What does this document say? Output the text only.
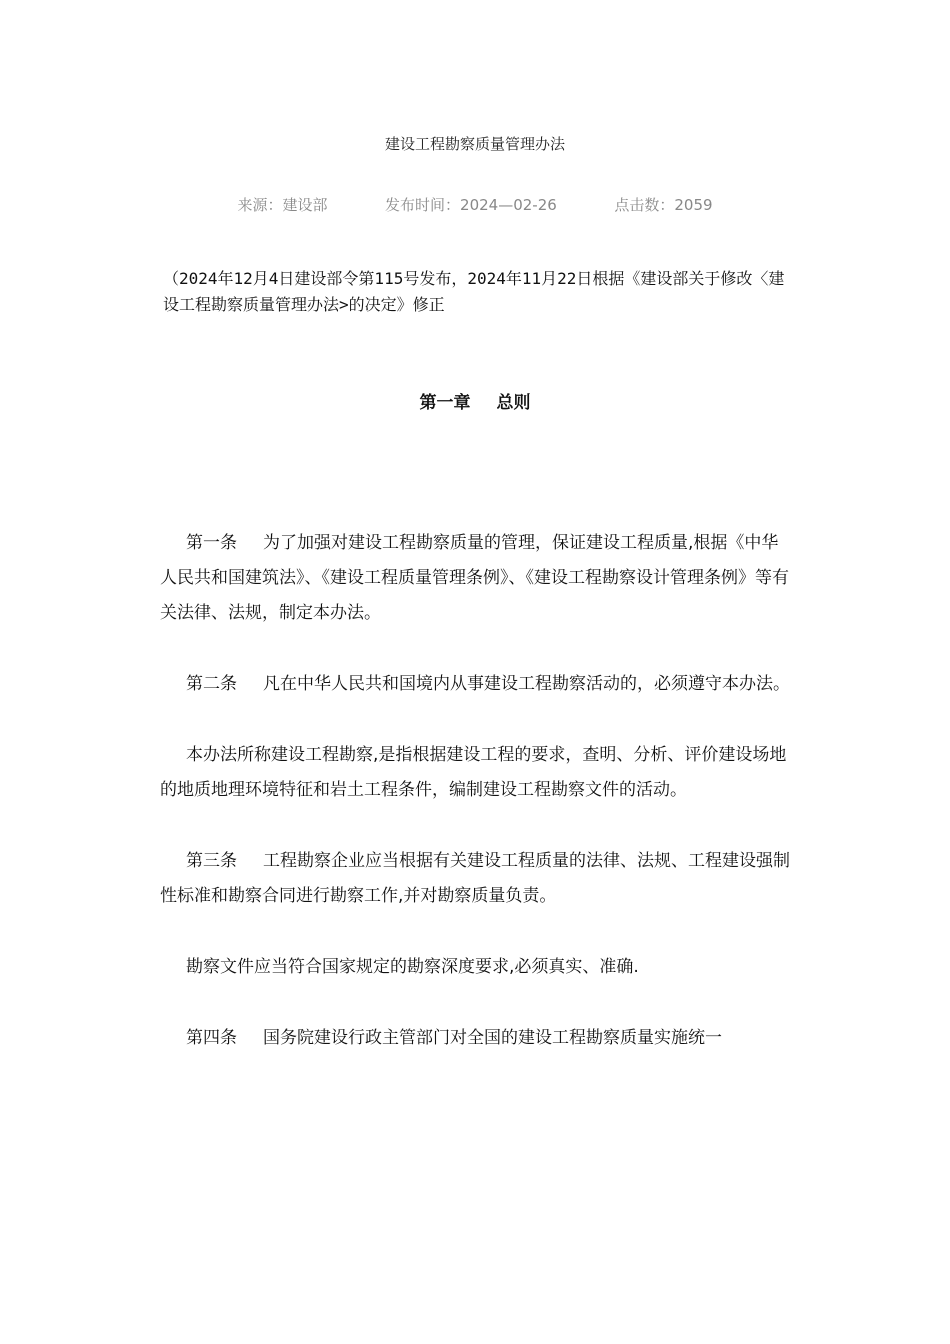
建设工程勘察质量管理办法
来源：建设部	发布时间：2024—02-26	点击数：2059
（2024年12月4日建设部令第115号发布，2024年11月22日根据《建设部关于修改〈建设工程勘察质量管理办法>的决定》修正
第一章 总则

第一条 为了加强对建设工程勘察质量的管理，保证建设工程质量,根据《中华人民共和国建筑法》、《建设工程质量管理条例》、《建设工程勘察设计管理条例》等有关法律、法规，制定本办法。

第二条 凡在中华人民共和国境内从事建设工程勘察活动的，必须遵守本办法。

本办法所称建设工程勘察,是指根据建设工程的要求，查明、分析、评价建设场地的地质地理环境特征和岩土工程条件，编制建设工程勘察文件的活动。

第三条 工程勘察企业应当根据有关建设工程质量的法律、法规、工程建设强制性标准和勘察合同进行勘察工作,并对勘察质量负责。

勘察文件应当符合国家规定的勘察深度要求,必须真实、准确.

第四条 国务院建设行政主管部门对全国的建设工程勘察质量实施统一
